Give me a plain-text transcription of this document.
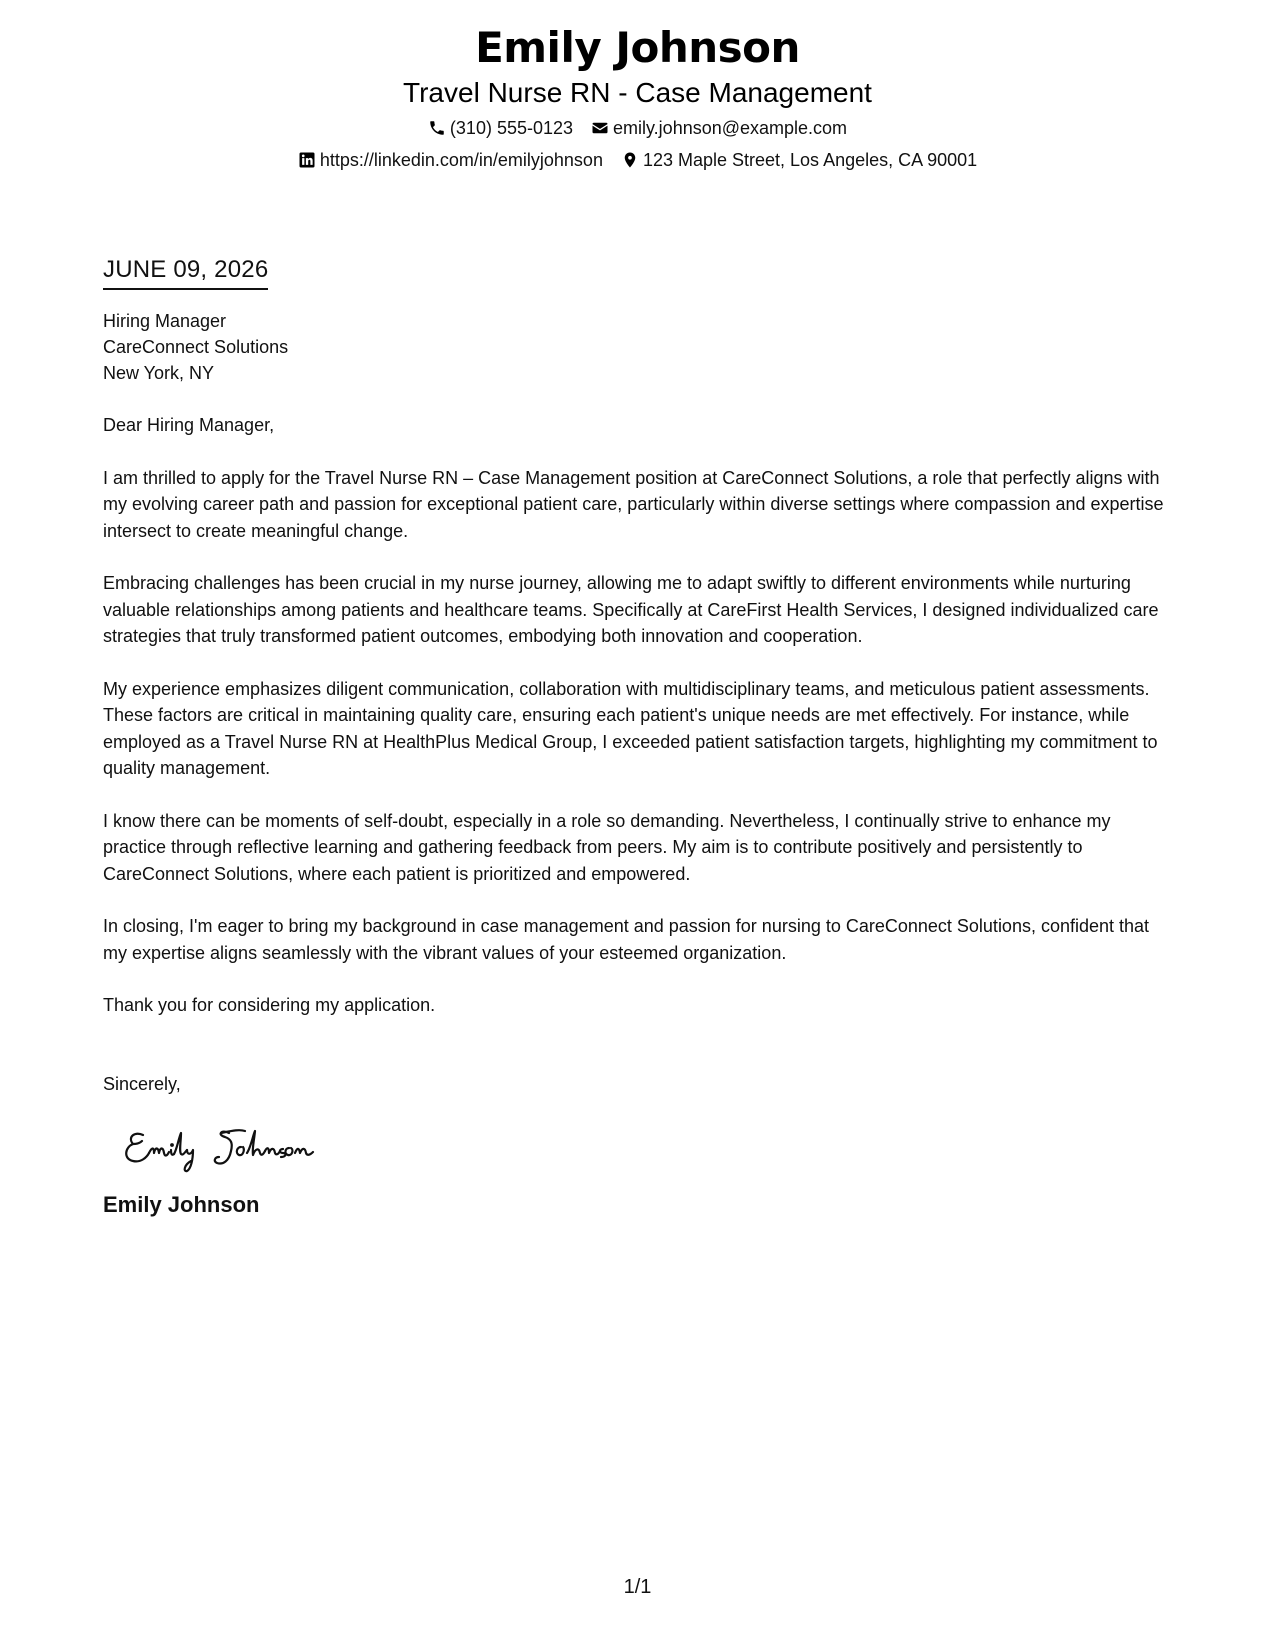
Emily Johnson
Travel Nurse RN - Case Management
(310) 555-0123 emily.johnson@example.com
https://linkedin.com/in/emilyjohnson 123 Maple Street, Los Angeles, CA 90001
JUNE 09, 2026
Hiring Manager
CareConnect Solutions
New York, NY
Dear Hiring Manager,
I am thrilled to apply for the Travel Nurse RN – Case Management position at CareConnect Solutions, a role that perfectly aligns with my evolving career path and passion for exceptional patient care, particularly within diverse settings where compassion and expertise intersect to create meaningful change.
Embracing challenges has been crucial in my nurse journey, allowing me to adapt swiftly to different environments while nurturing valuable relationships among patients and healthcare teams. Specifically at CareFirst Health Services, I designed individualized care strategies that truly transformed patient outcomes, embodying both innovation and cooperation.
My experience emphasizes diligent communication, collaboration with multidisciplinary teams, and meticulous patient assessments. These factors are critical in maintaining quality care, ensuring each patient's unique needs are met effectively. For instance, while employed as a Travel Nurse RN at HealthPlus Medical Group, I exceeded patient satisfaction targets, highlighting my commitment to quality management.
I know there can be moments of self-doubt, especially in a role so demanding. Nevertheless, I continually strive to enhance my practice through reflective learning and gathering feedback from peers. My aim is to contribute positively and persistently to CareConnect Solutions, where each patient is prioritized and empowered.
In closing, I'm eager to bring my background in case management and passion for nursing to CareConnect Solutions, confident that my expertise aligns seamlessly with the vibrant values of your esteemed organization.
Thank you for considering my application.
Sincerely,
Emily Johnson
1/1
